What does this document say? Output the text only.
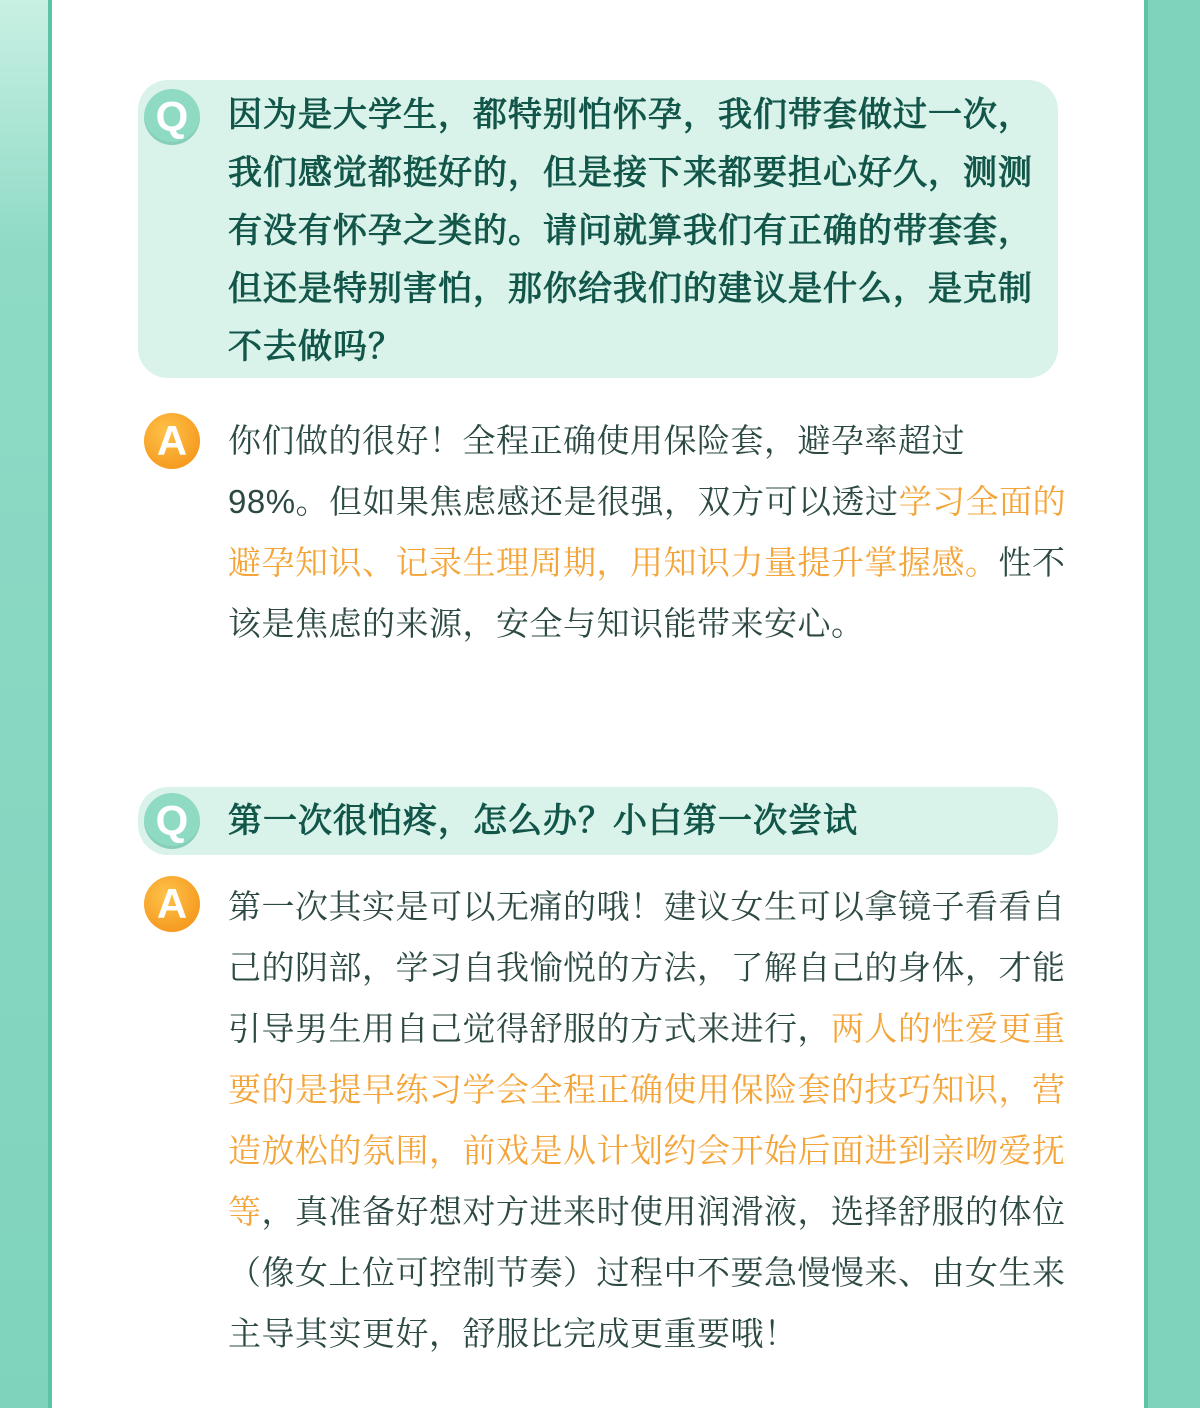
Q	因为是大学生，都特别怕怀孕，我们带套做过一次，我们感觉都挺好的，但是接下来都要担心好久，测测有没有怀孕之类的。请问就算我们有正确的带套套，但还是特别害怕，那你给我们的建议是什么，是克制不去做吗？
A	你们做的很好！全程正确使用保险套，避孕率超过 98%。但如果焦虑感还是很强，双方可以透过学习全面的避孕知识、记录生理周期，用知识力量提升掌握感。性不该是焦虑的来源，安全与知识能带来安心。
Q	第一次很怕疼，怎么办？小白第一次尝试
A	第一次其实是可以无痛的哦！建议女生可以拿镜子看看自己的阴部，学习自我愉悦的方法，了解自己的身体，才能引导男生用自己觉得舒服的方式来进行，两人的性爱更重要的是提早练习学会全程正确使用保险套的技巧知识，营造放松的氛围，前戏是从计划约会开始后面进到亲吻爱抚等，真准备好想对方进来时使用润滑液，选择舒服的体位（像女上位可控制节奏）过程中不要急慢慢来、由女生来主导其实更好，舒服比完成更重要哦！
